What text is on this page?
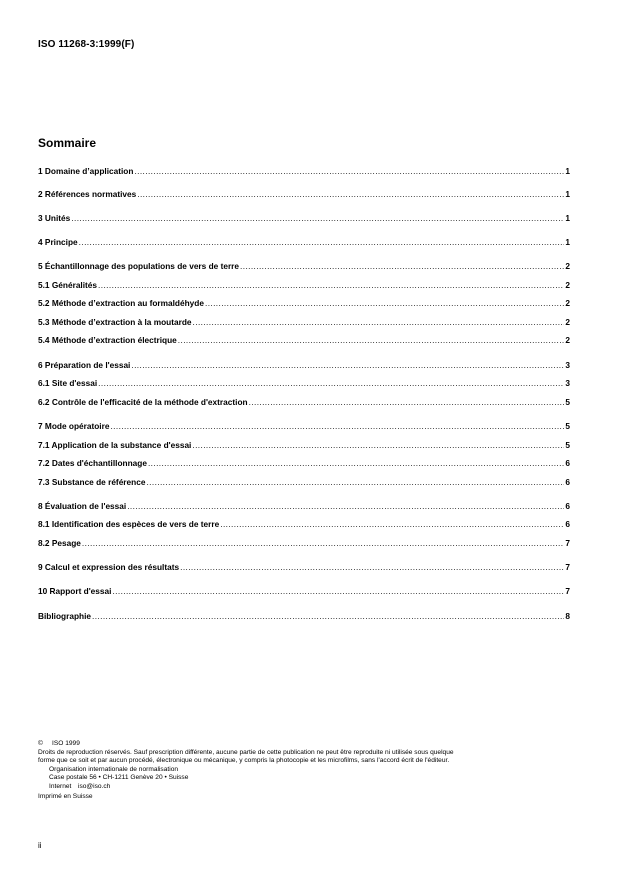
ISO 11268-3:1999(F)
Sommaire
1 Domaine d’application .....	1
2 Références normatives .....	1
3 Unités .....	1
4 Principe .....	1
5 Échantillonnage des populations de vers de terre .....	2
5.1 Généralités .....	2
5.2 Méthode d’extraction au formaldéhyde .....	2
5.3 Méthode d’extraction à la moutarde .....	2
5.4 Méthode d’extraction électrique .....	2
6 Préparation de l'essai .....	3
6.1 Site d'essai .....	3
6.2 Contrôle de l'efficacité de la méthode d'extraction .....	5
7 Mode opératoire .....	5
7.1 Application de la substance d'essai .....	5
7.2 Dates d'échantillonnage .....	6
7.3 Substance de référence .....	6
8 Évaluation de l'essai .....	6
8.1 Identification des espèces de vers de terre .....	6
8.2 Pesage .....	7
9 Calcul et expression des résultats .....	7
10 Rapport d'essai .....	7
Bibliographie .....	8
© ISO 1999
Droits de reproduction réservés. Sauf prescription différente, aucune partie de cette publication ne peut être reproduite ni utilisée sous quelque
forme que ce soit et par aucun procédé, électronique ou mécanique, y compris la photocopie et les microfilms, sans l'accord écrit de l'éditeur.
Organisation internationale de normalisation
Case postale 56 • CH-1211 Genève 20 • Suisse
Internet iso@iso.ch
Imprimé en Suisse
ii
